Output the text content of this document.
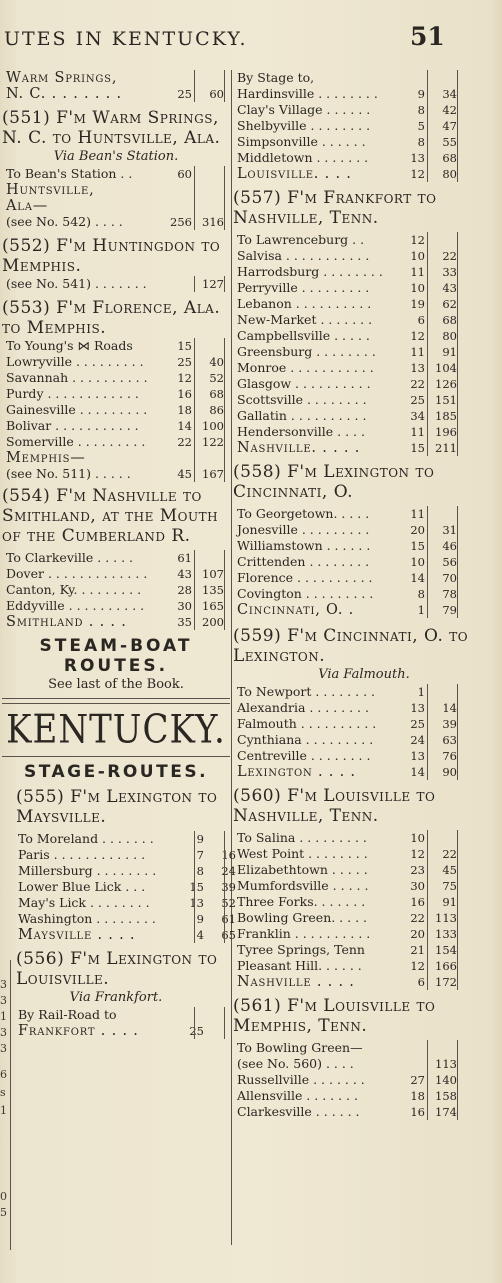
UTES IN KENTUCKY.	51
Warm Springs,
N. C. . . . . . . .	25	60
(551) F'm Warm Springs, N. C. to Huntsville, Ala.
Via Bean's Station.
To Bean's Station . .	60
Huntsville,
Ala—
(see No. 542) . . . .	256 316
(552) F'm Huntingdon to Memphis.
(see No. 541) . . . . . . .	127
(553) F'm Florence, Ala. to Memphis.
To Young's ⋈ Roads	15
Lowryville . . . . . . . . .	25	40
Savannah . . . . . . . . . .	12	52
Purdy . . . . . . . . . . . .	16	68
Gainesville . . . . . . . . .	18	86
Bolivar . . . . . . . . . . .	14 100
Somerville . . . . . . . . .	22 122
Memphis—
(see No. 511) . . . . .	45 167
(554) F'm Nashville to Smithland, at the Mouth of the Cumberland R.
To Clarkeville . . . . .	61
Dover . . . . . . . . . . . . .	43 107
Canton, Ky. . . . . . . . .	28 135
Eddyville . . . . . . . . . .	30 165
Smithland . . . .	35 200
STEAM-BOAT
ROUTES.
See last of the Book.
KENTUCKY.
STAGE-ROUTES.
(555) F'm Lexington to Maysville.
To Moreland . . . . . . .	9
Paris . . . . . . . . . . . .	7	16
Millersburg . . . . . . . .	8	24
Lower Blue Lick . . .	15	39
May's Lick . . . . . . . .	13	52
Washington . . . . . . . .	9	61
Maysville . . . .	4	65
(556) F'm Lexington to Louisville.
Via Frankfort.
By Rail-Road to
Frankfort . . . .	25
By Stage to,
Hardinsville . . . . . . . .	9	34
Clay's Village . . . . . .	8	42
Shelbyville . . . . . . . .	5	47
Simpsonville . . . . . .	8	55
Middletown . . . . . . .	13	68
Louisville. . . .	12	80
(557) F'm Frankfort to Nashville, Tenn.
To Lawrenceburg . .	12
Salvisa . . . . . . . . . . .	10	22
Harrodsburg . . . . . . . .	11	33
Perryville . . . . . . . . .	10	43
Lebanon . . . . . . . . . .	19	62
New-Market . . . . . . .	6	68
Campbellsville . . . . .	12	80
Greensburg . . . . . . . .	11	91
Monroe . . . . . . . . . . .	13 104
Glasgow . . . . . . . . . .	22 126
Scottsville . . . . . . . .	25 151
Gallatin . . . . . . . . . .	34 185
Hendersonville . . . .	11 196
Nashville. . . . .	15 211
(558) F'm Lexington to Cincinnati, O.
To Georgetown. . . . .	11
Jonesville . . . . . . . . .	20	31
Williamstown . . . . . .	15	46
Crittenden . . . . . . . .	10	56
Florence . . . . . . . . . .	14	70
Covington . . . . . . . . .	8	78
Cincinnati, O. .	1	79
(559) F'm Cincinnati, O. to Lexington.
Via Falmouth.
To Newport . . . . . . . .	1
Alexandria . . . . . . . .	13	14
Falmouth . . . . . . . . . .	25	39
Cynthiana . . . . . . . . .	24	63
Centreville . . . . . . . .	13	76
Lexington . . . .	14	90
(560) F'm Louisville to Nashville, Tenn.
To Salina . . . . . . . . .	10
West Point . . . . . . . .	12	22
Elizabethtown . . . . .	23	45
Mumfordsville . . . . .	30	75
Three Forks. . . . . . .	16	91
Bowling Green. . . . .	22 113
Franklin . . . . . . . . . .	20 133
Tyree Springs, Tenn	21 154
Pleasant Hill. . . . . .	12 166
Nashville . . . .	6 172
(561) F'm Louisville to Memphis, Tenn.
To Bowling Green—
(see No. 560) . . . .	113
Russellville . . . . . . .	27 140
Allensville . . . . . . .	18 158
Clarkesville . . . . . .	16 174
3
3
1
3
3
6
s
1
0
5
